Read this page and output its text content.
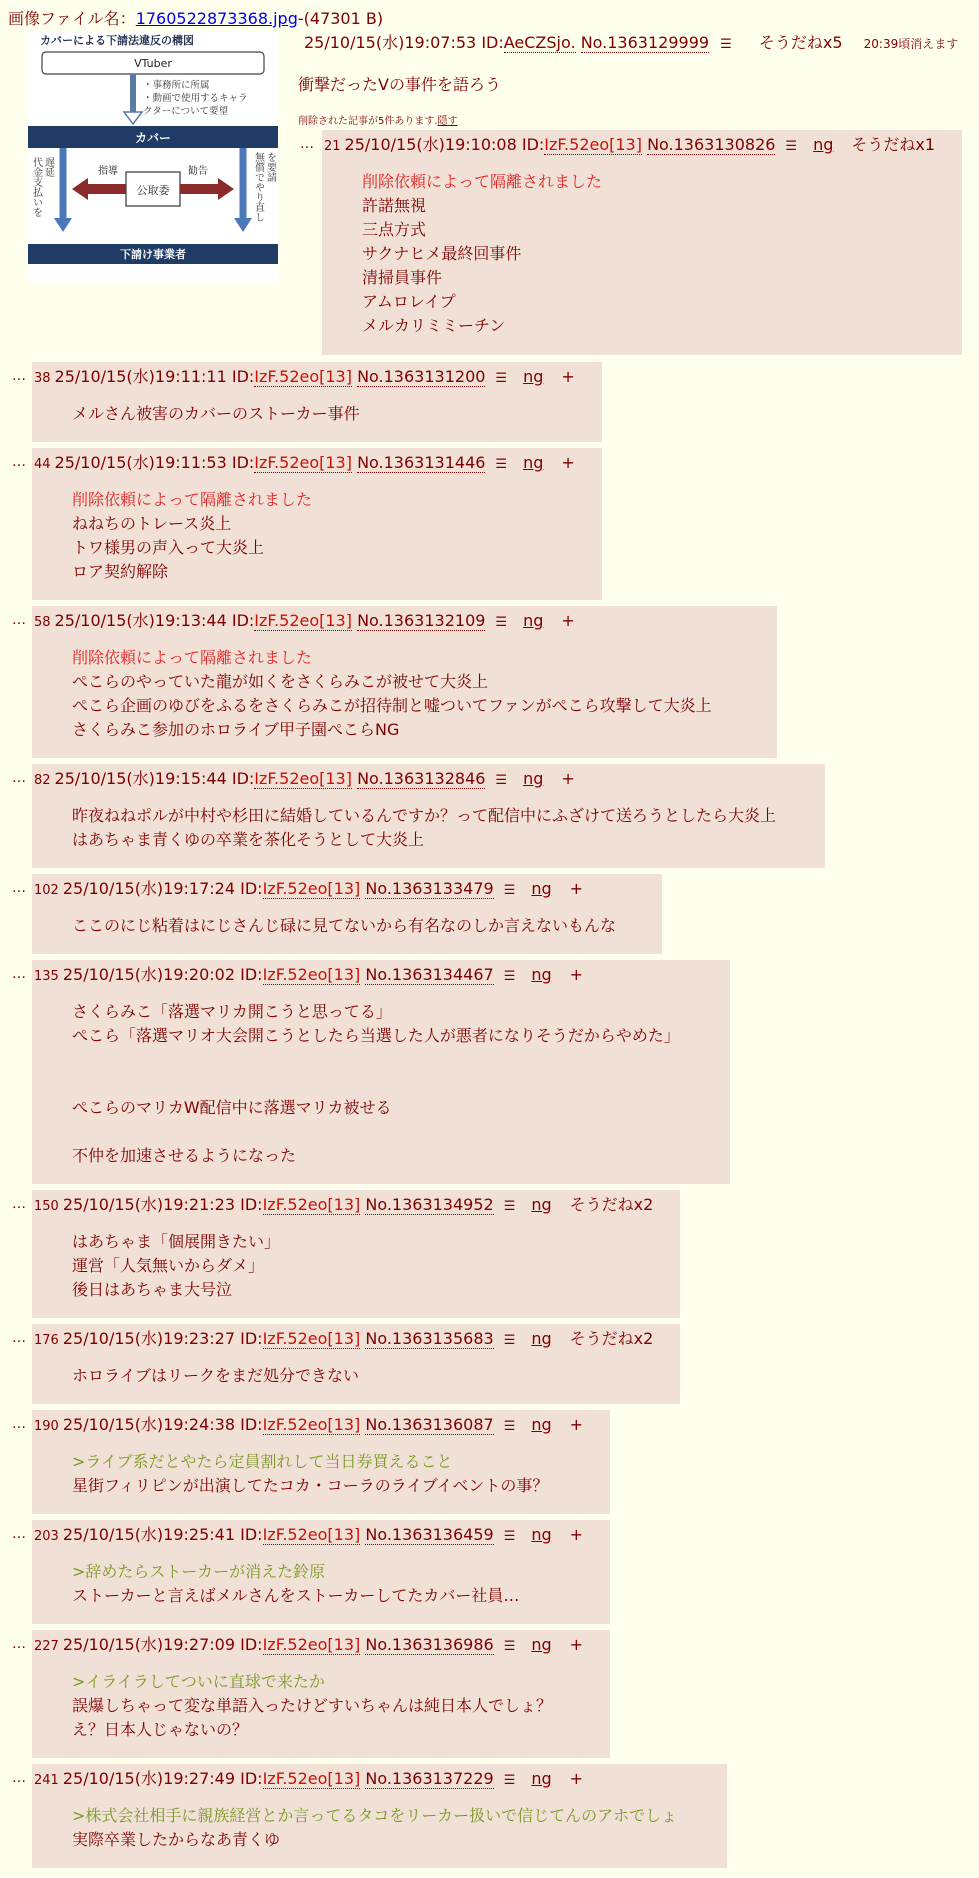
画像ファイル名：1760522873368.jpg-(47301 B)
カバーによる下請法違反の構図
VTuber
・事務所に所属
・動画で使用するキャラ
クターについて要望
カバー
代金支払いを 遅延	無償でやり直し を要請
公取委
指導	勧告
下請け事業者
25/10/15(水)19:07:53 ID:AeCZSjo. No.1363129999 ☰ そうだねx5 20:39頃消えます
衝撃だったVの事件を語ろう
削除された記事が5件あります.隠す
… 21 25/10/15(水)19:10:08 ID:IzF.52eo[13] No.1363130826 ☰ ng そうだねx1
削除依頼によって隔離されました
許諾無視
三点方式
サクナヒメ最終回事件
清掃員事件
アムロレイプ
メルカリミミーチン
… 38 25/10/15(水)19:11:11 ID:IzF.52eo[13] No.1363131200 ☰ ng +
メルさん被害のカバーのストーカー事件
… 44 25/10/15(水)19:11:53 ID:IzF.52eo[13] No.1363131446 ☰ ng +
削除依頼によって隔離されました
ねねちのトレース炎上
トワ様男の声入って大炎上
ロア契約解除
… 58 25/10/15(水)19:13:44 ID:IzF.52eo[13] No.1363132109 ☰ ng +
削除依頼によって隔離されました
ぺこらのやっていた龍が如くをさくらみこが被せて大炎上
ぺこら企画のゆびをふるをさくらみこが招待制と嘘ついてファンがぺこら攻撃して大炎上
さくらみこ参加のホロライブ甲子園ぺこらNG
… 82 25/10/15(水)19:15:44 ID:IzF.52eo[13] No.1363132846 ☰ ng +
昨夜ねねポルが中村や杉田に結婚しているんですか？って配信中にふざけて送ろうとしたら大炎上
はあちゃま青くゆの卒業を茶化そうとして大炎上
… 102 25/10/15(水)19:17:24 ID:IzF.52eo[13] No.1363133479 ☰ ng +
ここのにじ粘着はにじさんじ碌に見てないから有名なのしか言えないもんな
… 135 25/10/15(水)19:20:02 ID:IzF.52eo[13] No.1363134467 ☰ ng +
さくらみこ「落選マリカ開こうと思ってる」
ぺこら「落選マリオ大会開こうとしたら当選した人が悪者になりそうだからやめた」
ぺこらのマリカW配信中に落選マリカ被せる
不仲を加速させるようになった
… 150 25/10/15(水)19:21:23 ID:IzF.52eo[13] No.1363134952 ☰ ng そうだねx2
はあちゃま「個展開きたい」
運営「人気無いからダメ」
後日はあちゃま大号泣
… 176 25/10/15(水)19:23:27 ID:IzF.52eo[13] No.1363135683 ☰ ng そうだねx2
ホロライブはリークをまだ処分できない
… 190 25/10/15(水)19:24:38 ID:IzF.52eo[13] No.1363136087 ☰ ng +
>ライブ系だとやたら定員割れして当日券買えること
星街フィリピンが出演してたコカ・コーラのライブイベントの事？
… 203 25/10/15(水)19:25:41 ID:IzF.52eo[13] No.1363136459 ☰ ng +
>辞めたらストーカーが消えた鈴原
ストーカーと言えばメルさんをストーカーしてたカバー社員…
… 227 25/10/15(水)19:27:09 ID:IzF.52eo[13] No.1363136986 ☰ ng +
>イライラしてついに直球で来たか
誤爆しちゃって変な単語入ったけどすいちゃんは純日本人でしょ？
え？日本人じゃないの？
… 241 25/10/15(水)19:27:49 ID:IzF.52eo[13] No.1363137229 ☰ ng +
>株式会社相手に親族経営とか言ってるタコをリーカー扱いで信じてんのアホでしょ
実際卒業したからなあ青くゆ
